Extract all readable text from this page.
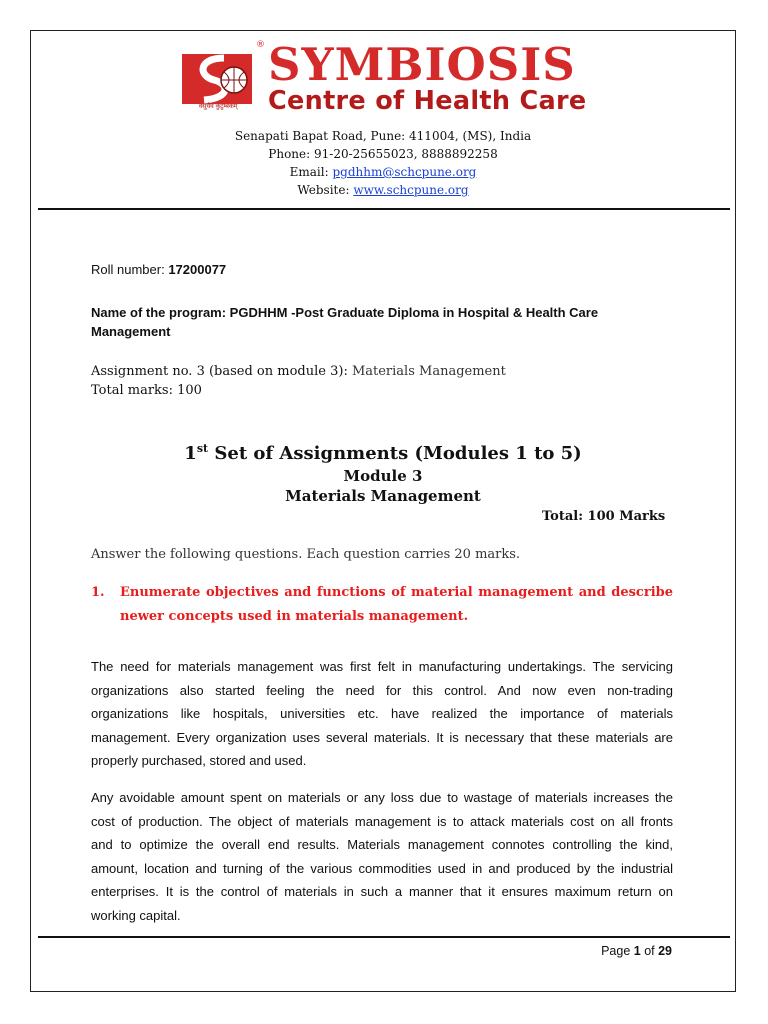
वसुधैव कुटुम्बकम्
SYMBIOSIS
®
Centre of Health Care
Senapati Bapat Road, Pune: 411004, (MS), India
Phone: 91-20-25655023, 8888892258
Email: pgdhhm@schcpune.org
Website: www.schcpune.org
Roll number: 17200077
Name of the program: PGDHHM -Post Graduate Diploma in Hospital & Health Care
Management
Assignment no. 3 (based on module 3): Materials Management
Total marks: 100
1st Set of Assignments (Modules 1 to 5)
Module 3
Materials Management
Total: 100 Marks
Answer the following questions. Each question carries 20 marks.
1. Enumerate objectives and functions of material management and describe
newer concepts used in materials management.
The need for materials management was first felt in manufacturing undertakings. The servicing
organizations also started feeling the need for this control. And now even non-trading
organizations like hospitals, universities etc. have realized the importance of materials
management. Every organization uses several materials. It is necessary that these materials are
properly purchased, stored and used.
Any avoidable amount spent on materials or any loss due to wastage of materials increases the
cost of production. The object of materials management is to attack materials cost on all fronts
and to optimize the overall end results. Materials management connotes controlling the kind,
amount, location and turning of the various commodities used in and produced by the industrial
enterprises. It is the control of materials in such a manner that it ensures maximum return on
working capital.
Page 1 of 29
